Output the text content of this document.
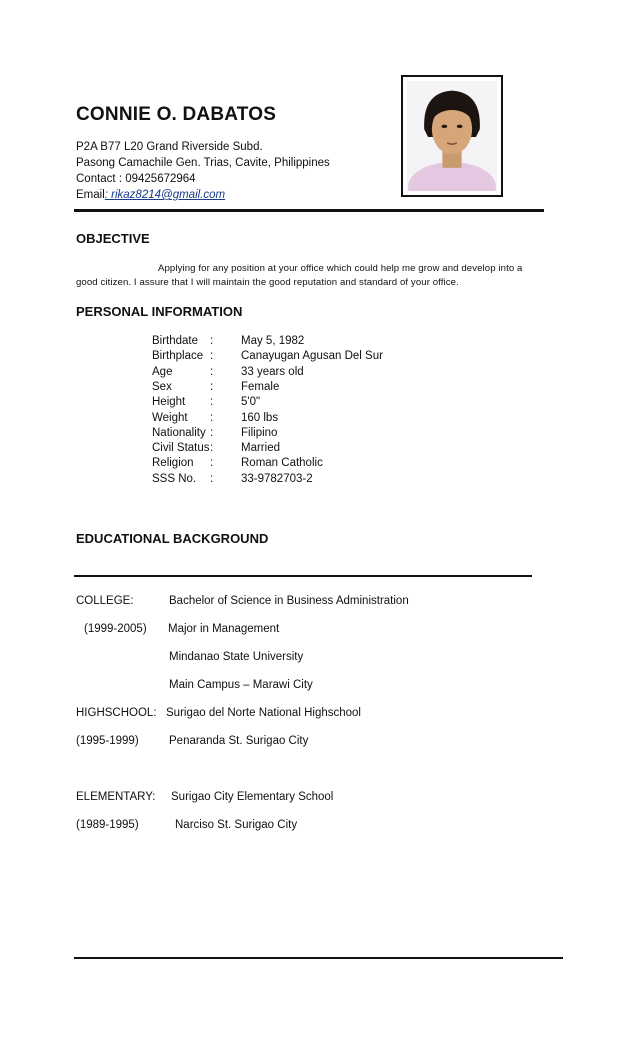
CONNIE O. DABATOS
P2A B77 L20 Grand Riverside Subd.
Pasong Camachile Gen. Trias, Cavite, Philippines
Contact : 09425672964
Email: rikaz8214@gmail.com
OBJECTIVE
Applying for any position at your office which could help me grow and develop into a
good citizen. I assure that I will maintain the good reputation and standard of your office.
PERSONAL INFORMATION
Birthdate : May 5, 1982
Birthplace : Canayugan Agusan Del Sur
Age	: 33 years old
Sex	: Female
Height : 5'0"
Weight : 160 lbs
Nationality : Filipino
Civil Status : Married
Religion : Roman Catholic
SSS No. : 33-9782703-2
EDUCATIONAL BACKGROUND
COLLEGE:	Bachelor of Science in Business Administration
(1999-2005) Major in Management
Mindanao State University
Main Campus – Marawi City
HIGHSCHOOL: Surigao del Norte National Highschool
(1995-1999)	Penaranda St. Surigao City
ELEMENTARY: Surigao City Elementary School
(1989-1995)	Narciso St. Surigao City
